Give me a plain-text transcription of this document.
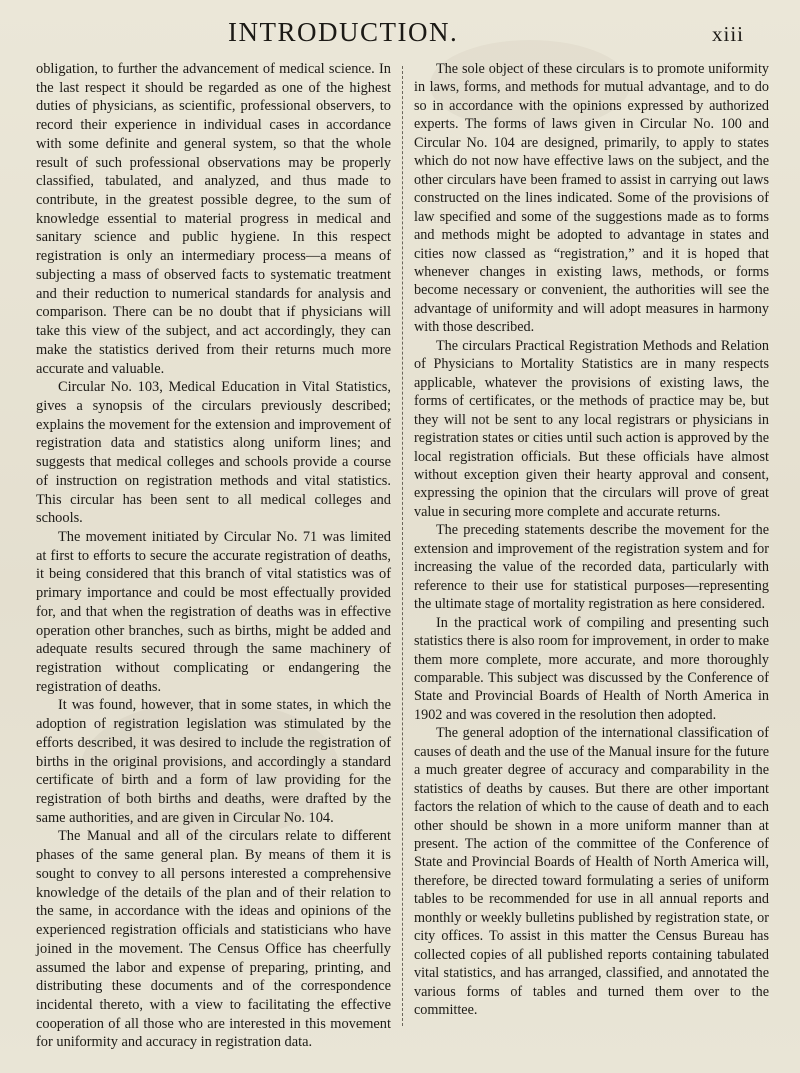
INTRODUCTION.	xiii

obligation, to further the advancement of medical science. In the last respect it should be regarded as one of the highest duties of physicians, as scientific, professional observers, to record their experience in individual cases in accordance with some definite and general system, so that the whole result of such professional observations may be properly classified, tabulated, and analyzed, and thus made to contribute, in the greatest possible degree, to the sum of knowledge essential to material progress in medical and sanitary science and public hygiene. In this respect registration is only an intermediary process—a means of subjecting a mass of observed facts to systematic treatment and their reduction to numerical standards for analysis and comparison. There can be no doubt that if physicians will take this view of the subject, and act accordingly, they can make the statistics derived from their returns much more accurate and valuable.

Circular No. 103, Medical Education in Vital Statistics, gives a synopsis of the circulars previously described; explains the movement for the extension and improvement of registration data and statistics along uniform lines; and suggests that medical colleges and schools provide a course of instruction on registration methods and vital statistics. This circular has been sent to all medical colleges and schools.

The movement initiated by Circular No. 71 was limited at first to efforts to secure the accurate registration of deaths, it being considered that this branch of vital statistics was of primary importance and could be most effectually provided for, and that when the registration of deaths was in effective operation other branches, such as births, might be added and adequate results secured through the same machinery of registration without complicating or endangering the registration of deaths.

It was found, however, that in some states, in which the adoption of registration legislation was stimulated by the efforts described, it was desired to include the registration of births in the original provisions, and accordingly a standard certificate of birth and a form of law providing for the registration of both births and deaths, were drafted by the same authorities, and are given in Circular No. 104.

The Manual and all of the circulars relate to different phases of the same general plan. By means of them it is sought to convey to all persons interested a comprehensive knowledge of the details of the plan and of their relation to the same, in accordance with the ideas and opinions of the experienced registration officials and statisticians who have joined in the movement. The Census Office has cheerfully assumed the labor and expense of preparing, printing, and distributing these documents and of the correspondence incidental thereto, with a view to facilitating the effective cooperation of all those who are interested in this movement for uniformity and accuracy in registration data.

The sole object of these circulars is to promote uniformity in laws, forms, and methods for mutual advantage, and to do so in accordance with the opinions expressed by authorized experts. The forms of laws given in Circular No. 100 and Circular No. 104 are designed, primarily, to apply to states which do not now have effective laws on the subject, and the other circulars have been framed to assist in carrying out laws constructed on the lines indicated. Some of the provisions of law specified and some of the suggestions made as to forms and methods might be adopted to advantage in states and cities now classed as “registration,” and it is hoped that whenever changes in existing laws, methods, or forms become necessary or convenient, the authorities will see the advantage of uniformity and will adopt measures in harmony with those described.

The circulars Practical Registration Methods and Relation of Physicians to Mortality Statistics are in many respects applicable, whatever the provisions of existing laws, the forms of certificates, or the methods of practice may be, but they will not be sent to any local registrars or physicians in registration states or cities until such action is approved by the local registration officials. But these officials have almost without exception given their hearty approval and consent, expressing the opinion that the circulars will prove of great value in securing more complete and accurate returns.

The preceding statements describe the movement for the extension and improvement of the registration system and for increasing the value of the recorded data, particularly with reference to their use for statistical purposes—representing the ultimate stage of mortality registration as here considered.

In the practical work of compiling and presenting such statistics there is also room for improvement, in order to make them more complete, more accurate, and more thoroughly comparable. This subject was discussed by the Conference of State and Provincial Boards of Health of North America in 1902 and was covered in the resolution then adopted.

The general adoption of the international classification of causes of death and the use of the Manual insure for the future a much greater degree of accuracy and comparability in the statistics of deaths by causes. But there are other important factors the relation of which to the cause of death and to each other should be shown in a more uniform manner than at present. The action of the committee of the Conference of State and Provincial Boards of Health of North America will, therefore, be directed toward formulating a series of uniform tables to be recommended for use in all annual reports and monthly or weekly bulletins published by registration state, or city offices. To assist in this matter the Census Bureau has collected copies of all published reports containing tabulated vital statistics, and has arranged, classified, and annotated the various forms of tables and turned them over to the committee.
